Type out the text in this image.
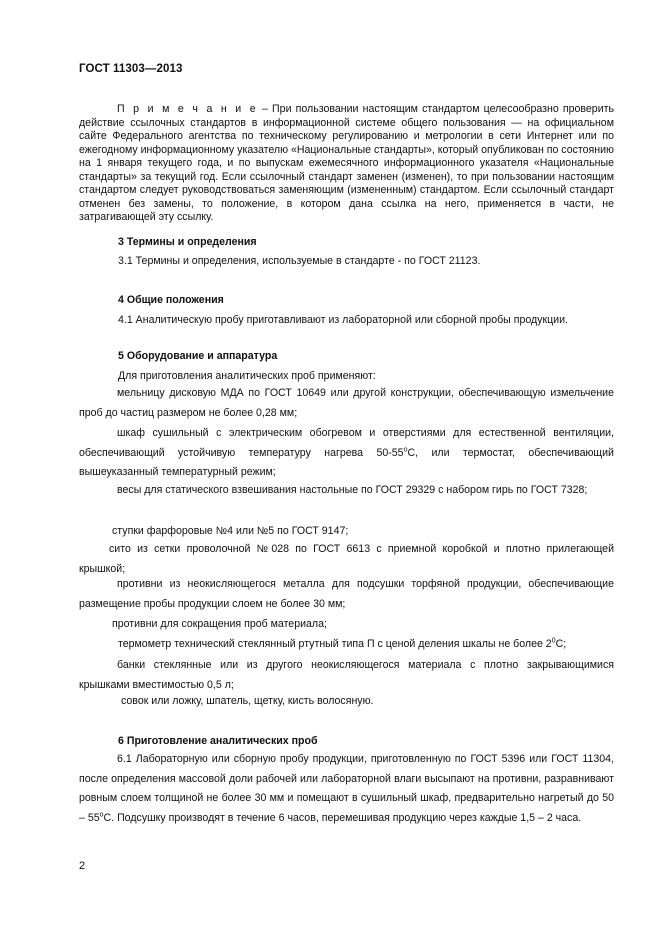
ГОСТ 11303—2013
П р и м е ч а н и е – При пользовании настоящим стандартом целесообразно проверить действие ссылочных стандартов в информационной системе общего пользования — на официальном сайте Федерального агентства по техническому регулированию и метрологии в сети Интернет или по ежегодному информационному указателю «Национальные стандарты», который опубликован по состоянию на 1 января текущего года, и по выпускам ежемесячного информационного указателя «Национальные стандарты» за текущий год. Если ссылочный стандарт заменен (изменен), то при пользовании настоящим стандартом следует руководствоваться заменяющим (измененным) стандартом. Если ссылочный стандарт отменен без замены, то положение, в котором дана ссылка на него, применяется в части, не затрагивающей эту ссылку.
3 Термины и определения
3.1 Термины и определения, используемые в стандарте - по ГОСТ 21123.
4 Общие положения
4.1 Аналитическую пробу приготавливают из лабораторной или сборной пробы продукции.
5 Оборудование и аппаратура
Для приготовления аналитических проб применяют:
мельницу дисковую МДА по ГОСТ 10649 или другой конструкции, обеспечивающую измельчение проб до частиц размером не более 0,28 мм;
шкаф сушильный с электрическим обогревом и отверстиями для естественной вентиляции, обеспечивающий устойчивую температуру нагрева $50-55^оС$, или термостат, обеспечивающий вышеуказанный температурный режим;
весы для статического взвешивания настольные по ГОСТ 29329 с набором гирь по ГОСТ 7328;
ступки фарфоровые №4 или №5 по ГОСТ 9147;
сито из сетки проволочной №028 по ГОСТ 6613 с приемной коробкой и плотно прилегающей крышкой;
противни из неокисляющегося металла для подсушки торфяной продукции, обеспечивающие размещение пробы продукции слоем не более 30 мм;
противни для сокращения проб материала;
термометр технический стеклянный ртутный типа П с ценой деления шкалы не более $2^0С$;
банки стеклянные или из другого неокисляющегося материала с плотно закрывающимися крышками вместимостью 0,5 л;
совок или ложку, шпатель, щетку, кисть волосяную.
6 Приготовление аналитических проб
6.1 Лабораторную или сборную пробу продукции, приготовленную по ГОСТ 5396 или ГОСТ 11304, после определения массовой доли рабочей или лабораторной влаги высыпают на противни, разравнивают ровным слоем толщиной не более 30 мм и помещают в сушильный шкаф, предварительно нагретый до $50 - 55^оС$. Подсушку производят в течение 6 часов, перемешивая продукцию через каждые 1,5 – 2 часа.
2
